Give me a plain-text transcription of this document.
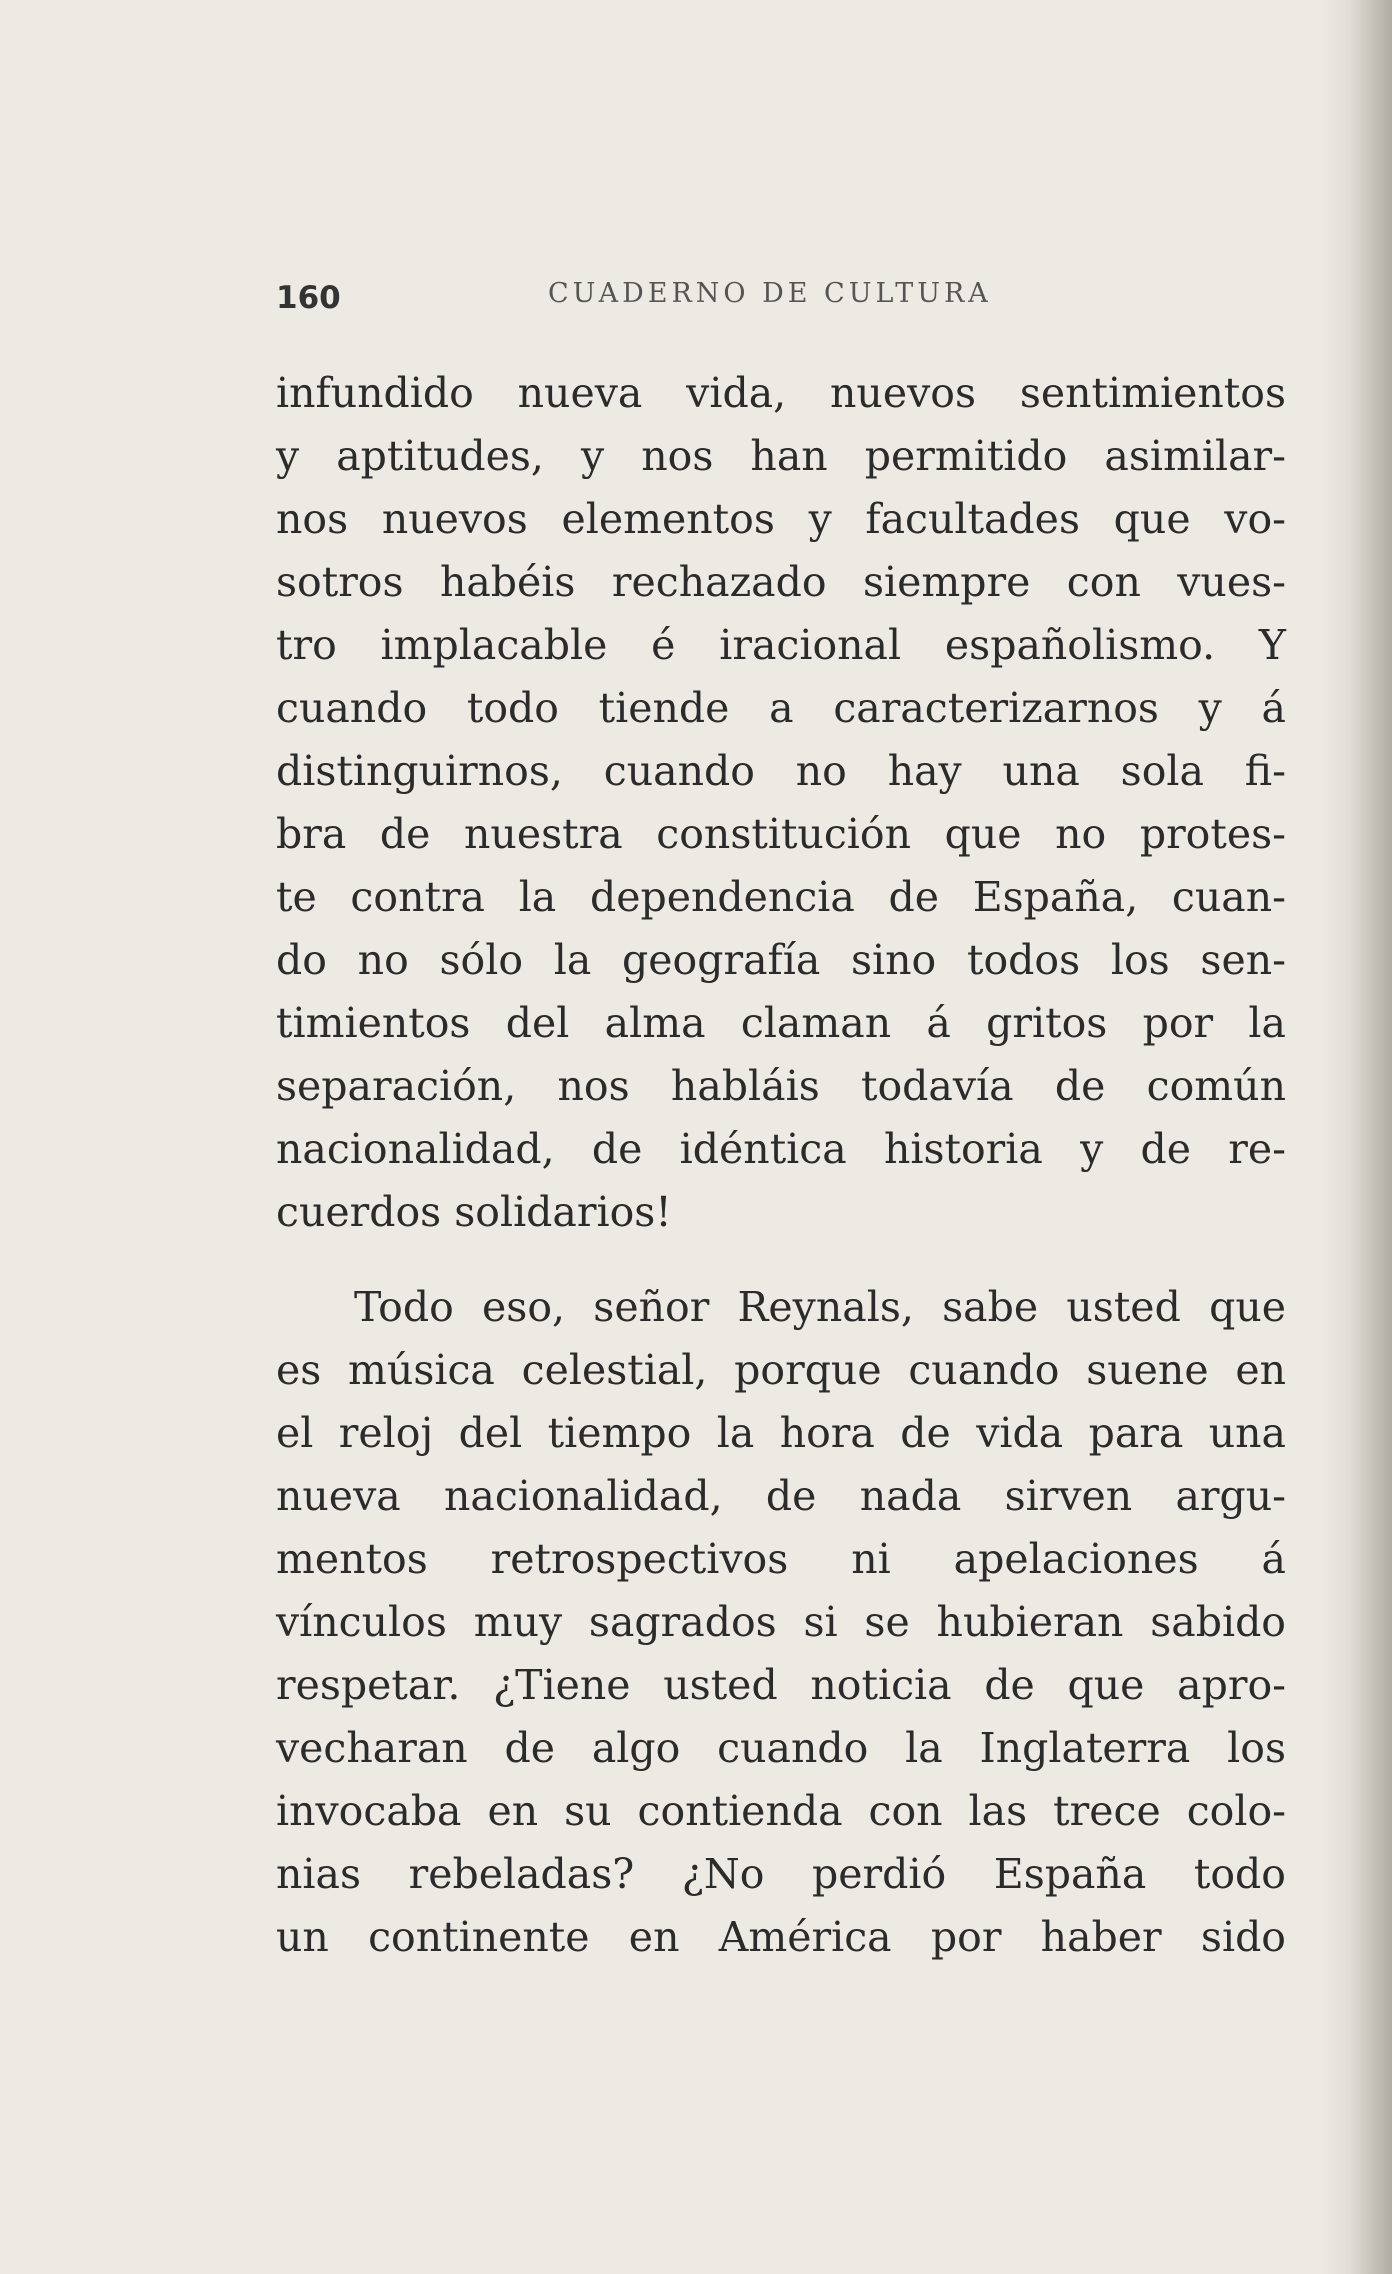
160	CUADERNO DE CULTURA
infundido nueva vida, nuevos sentimientos
y aptitudes, y nos han permitido asimilar-
nos nuevos elementos y facultades que vo-
sotros habéis rechazado siempre con vues-
tro implacable é iracional españolismo. Y
cuando todo tiende a caracterizarnos y á
distinguirnos, cuando no hay una sola fi-
bra de nuestra constitución que no protes-
te contra la dependencia de España, cuan-
do no sólo la geografía sino todos los sen-
timientos del alma claman á gritos por la
separación, nos habláis todavía de común
nacionalidad, de idéntica historia y de re-
cuerdos solidarios!
Todo eso, señor Reynals, sabe usted que
es música celestial, porque cuando suene en
el reloj del tiempo la hora de vida para una
nueva nacionalidad, de nada sirven argu-
mentos retrospectivos ni apelaciones á
vínculos muy sagrados si se hubieran sabido
respetar. ¿Tiene usted noticia de que apro-
vecharan de algo cuando la Inglaterra los
invocaba en su contienda con las trece colo-
nias rebeladas? ¿No perdió España todo
un continente en América por haber sido
